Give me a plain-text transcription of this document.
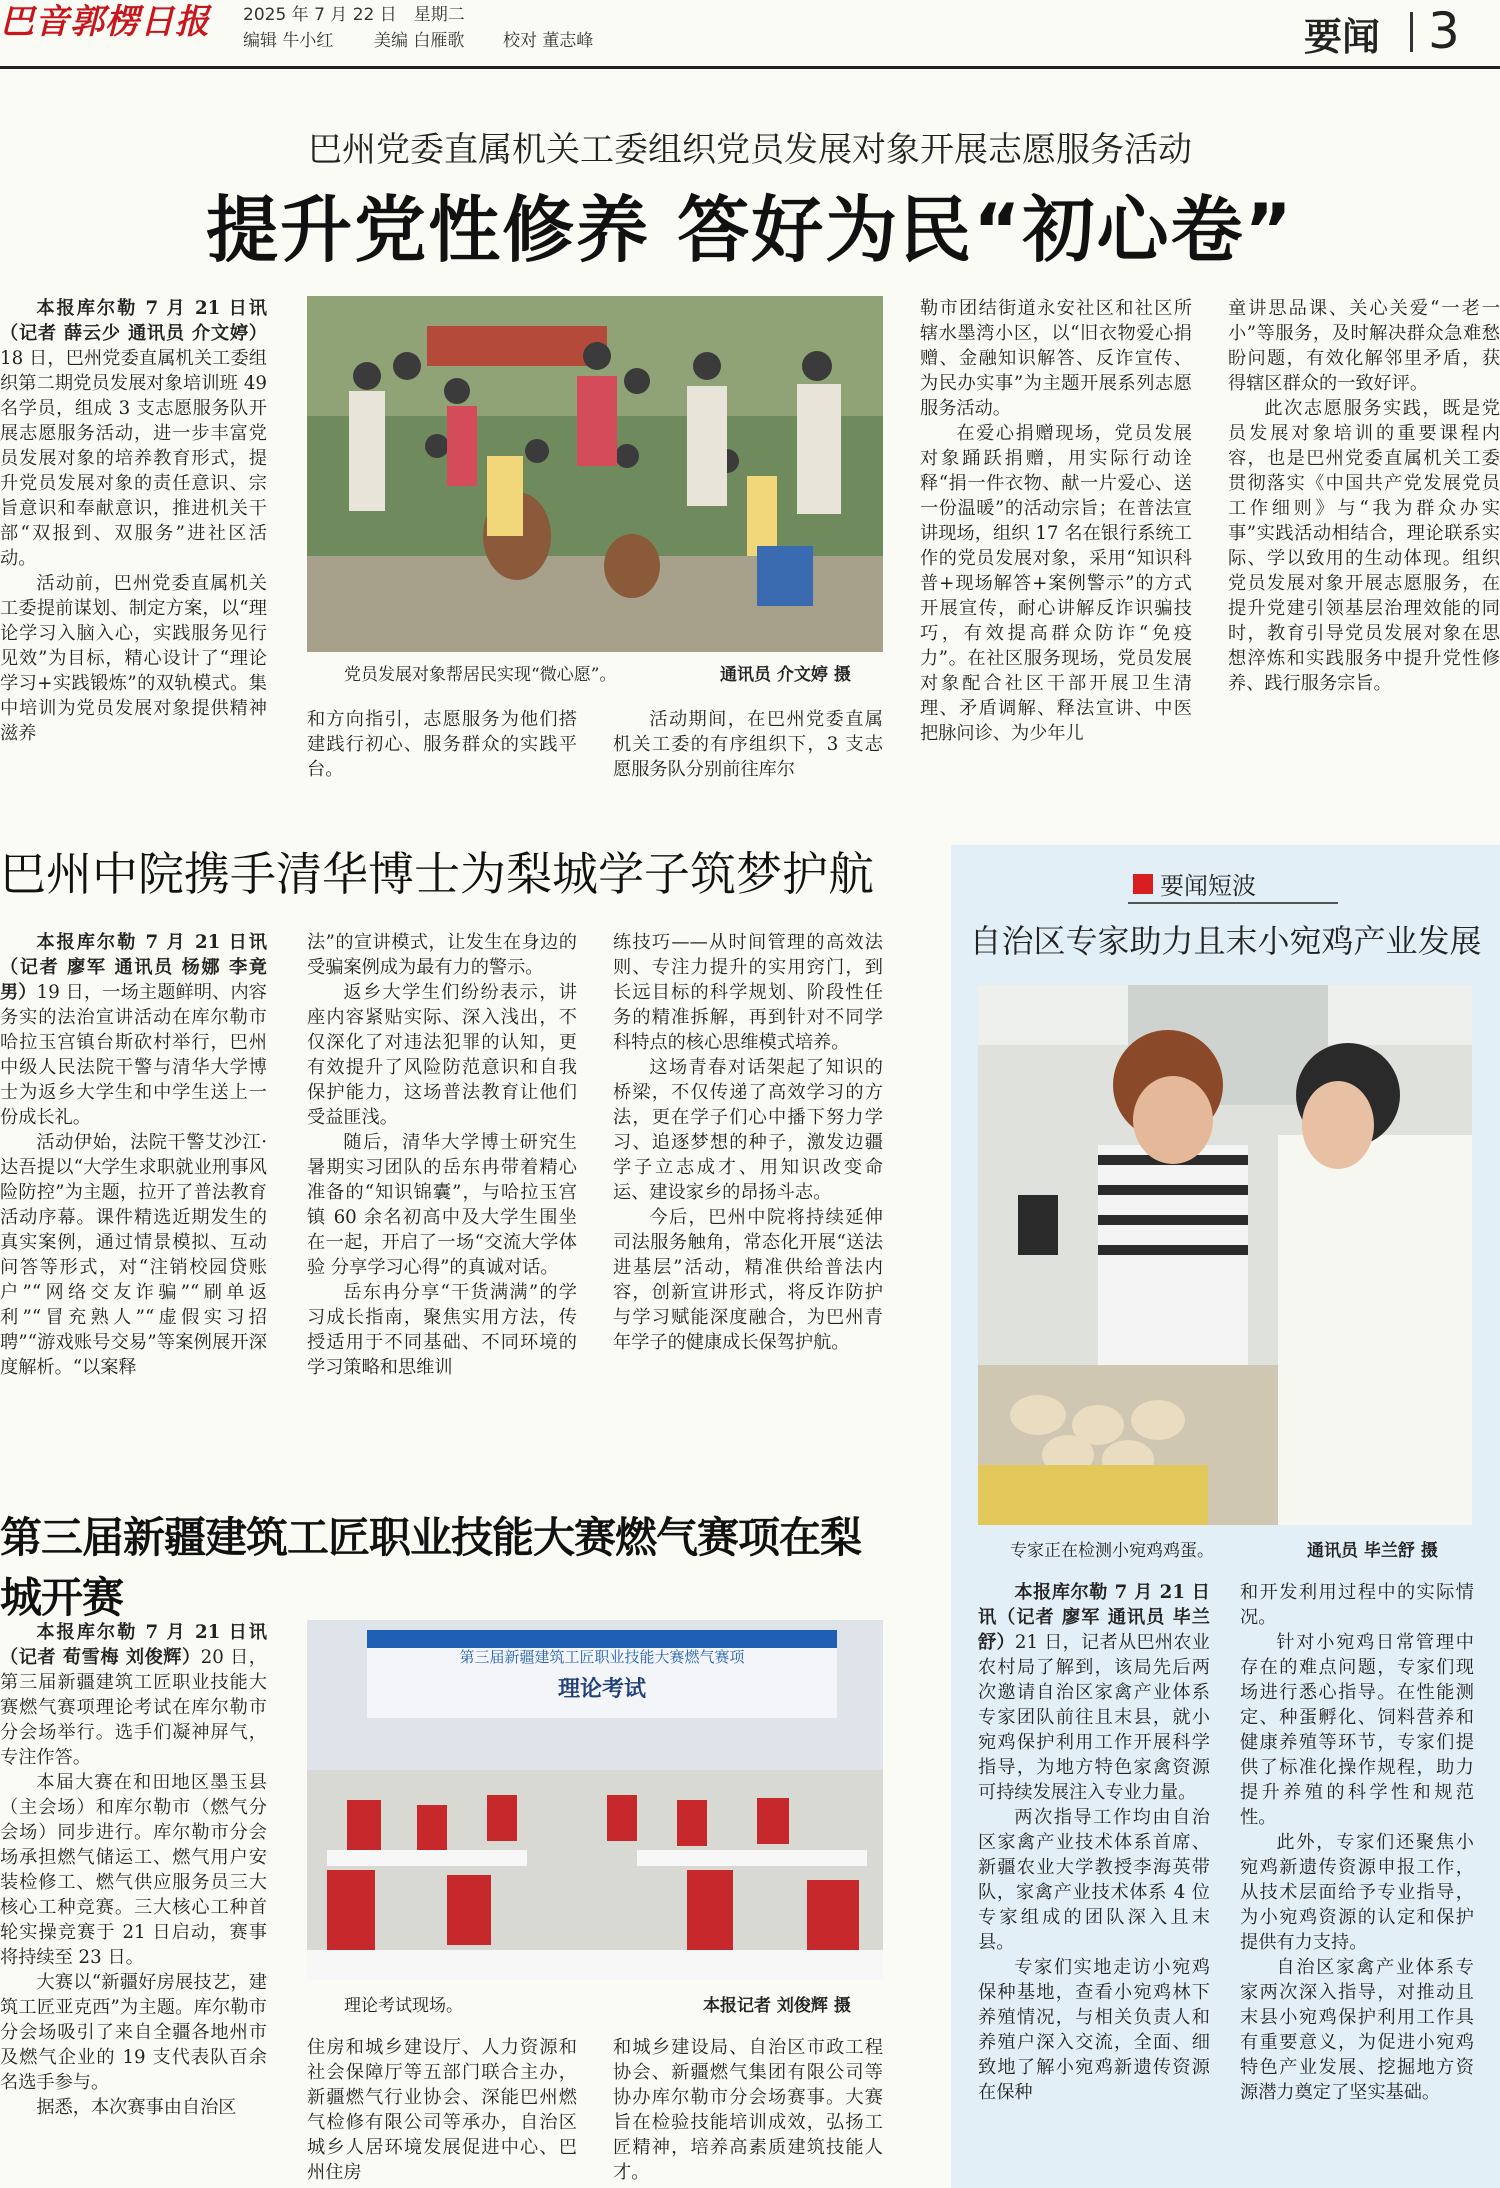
巴音郭楞日报 2025 年 7 月 22 日　星期二
编辑 牛小红 美编 白雁歌 校对 董志峰	要闻 3
巴州党委直属机关工委组织党员发展对象开展志愿服务活动
提升党性修养 答好为民“初心卷”

本报库尔勒 7 月 21 日讯（记者 薛云少 通讯员 介文婷）18 日，巴州党委直属机关工委组织第二期党员发展对象培训班 49 名学员，组成 3 支志愿服务队开展志愿服务活动，进一步丰富党员发展对象的培养教育形式，提升党员发展对象的责任意识、宗旨意识和奉献意识，推进机关干部“双报到、双服务”进社区活动。

活动前，巴州党委直属机关工委提前谋划、制定方案，以“理论学习入脑入心，实践服务见行见效”为目标，精心设计了“理论学习+实践锻炼”的双轨模式。集中培训为党员发展对象提供精神滋养

党员发展对象帮居民实现“微心愿”。	通讯员 介文婷 摄

和方向指引，志愿服务为他们搭建践行初心、服务群众的实践平台。

活动期间，在巴州党委直属机关工委的有序组织下，3 支志愿服务队分别前往库尔

勒市团结街道永安社区和社区所辖水墨湾小区，以“旧衣物爱心捐赠、金融知识解答、反诈宣传、为民办实事”为主题开展系列志愿服务活动。

在爱心捐赠现场，党员发展对象踊跃捐赠，用实际行动诠释“捐一件衣物、献一片爱心、送一份温暖”的活动宗旨；在普法宣讲现场，组织 17 名在银行系统工作的党员发展对象，采用“知识科普+现场解答+案例警示”的方式开展宣传，耐心讲解反诈识骗技巧，有效提高群众防诈“免疫力”。在社区服务现场，党员发展对象配合社区干部开展卫生清理、矛盾调解、释法宣讲、中医把脉问诊、为少年儿

童讲思品课、关心关爱“一老一小”等服务，及时解决群众急难愁盼问题，有效化解邻里矛盾，获得辖区群众的一致好评。

此次志愿服务实践，既是党员发展对象培训的重要课程内容，也是巴州党委直属机关工委贯彻落实《中国共产党发展党员工作细则》与“我为群众办实事”实践活动相结合，理论联系实际、学以致用的生动体现。组织党员发展对象开展志愿服务，在提升党建引领基层治理效能的同时，教育引导党员发展对象在思想淬炼和实践服务中提升党性修养、践行服务宗旨。

巴州中院携手清华博士为梨城学子筑梦护航

本报库尔勒 7 月 21 日讯（记者 廖军 通讯员 杨娜 李竟男）19 日，一场主题鲜明、内容务实的法治宣讲活动在库尔勒市哈拉玉宫镇台斯砍村举行，巴州中级人民法院干警与清华大学博士为返乡大学生和中学生送上一份成长礼。

活动伊始，法院干警艾沙江·达吾提以“大学生求职就业刑事风险防控”为主题，拉开了普法教育活动序幕。课件精选近期发生的真实案例，通过情景模拟、互动问答等形式，对“注销校园贷账户”“网络交友诈骗”“刷单返利”“冒充熟人”“虚假实习招聘”“游戏账号交易”等案例展开深度解析。“以案释

法”的宣讲模式，让发生在身边的受骗案例成为最有力的警示。

返乡大学生们纷纷表示，讲座内容紧贴实际、深入浅出，不仅深化了对违法犯罪的认知，更有效提升了风险防范意识和自我保护能力，这场普法教育让他们受益匪浅。

随后，清华大学博士研究生暑期实习团队的岳东冉带着精心准备的“知识锦囊”，与哈拉玉宫镇 60 余名初高中及大学生围坐在一起，开启了一场“交流大学体验 分享学习心得”的真诚对话。

岳东冉分享“干货满满”的学习成长指南，聚焦实用方法，传授适用于不同基础、不同环境的学习策略和思维训

练技巧——从时间管理的高效法则、专注力提升的实用窍门，到长远目标的科学规划、阶段性任务的精准拆解，再到针对不同学科特点的核心思维模式培养。

这场青春对话架起了知识的桥梁，不仅传递了高效学习的方法，更在学子们心中播下努力学习、追逐梦想的种子，激发边疆学子立志成才、用知识改变命运、建设家乡的昂扬斗志。

今后，巴州中院将持续延伸司法服务触角，常态化开展“送法进基层”活动，精准供给普法内容，创新宣讲形式，将反诈防护与学习赋能深度融合，为巴州青年学子的健康成长保驾护航。

第三届新疆建筑工匠职业技能大赛燃气赛项在梨城开赛

本报库尔勒 7 月 21 日讯（记者 荀雪梅 刘俊辉）20 日，第三届新疆建筑工匠职业技能大赛燃气赛项理论考试在库尔勒市分会场举行。选手们凝神屏气，专注作答。

本届大赛在和田地区墨玉县（主会场）和库尔勒市（燃气分会场）同步进行。库尔勒市分会场承担燃气储运工、燃气用户安装检修工、燃气供应服务员三大核心工种竞赛。三大核心工种首轮实操竞赛于 21 日启动，赛事将持续至 23 日。

大赛以“新疆好房展技艺，建筑工匠亚克西”为主题。库尔勒市分会场吸引了来自全疆各地州市及燃气企业的 19 支代表队百余名选手参与。

据悉，本次赛事由自治区

第三届新疆建筑工匠职业技能大赛燃气赛项
理论考试
理论考试现场。	本报记者 刘俊辉 摄

住房和城乡建设厅、人力资源和社会保障厅等五部门联合主办，新疆燃气行业协会、深能巴州燃气检修有限公司等承办，自治区城乡人居环境发展促进中心、巴州住房

和城乡建设局、自治区市政工程协会、新疆燃气集团有限公司等协办库尔勒市分会场赛事。大赛旨在检验技能培训成效，弘扬工匠精神，培养高素质建筑技能人才。

要闻短波
自治区专家助力且末小宛鸡产业发展
专家正在检测小宛鸡鸡蛋。	通讯员 毕兰舒 摄

本报库尔勒 7 月 21 日讯（记者 廖军 通讯员 毕兰舒）21 日，记者从巴州农业农村局了解到，该局先后两次邀请自治区家禽产业体系专家团队前往且末县，就小宛鸡保护利用工作开展科学指导，为地方特色家禽资源可持续发展注入专业力量。

两次指导工作均由自治区家禽产业技术体系首席、新疆农业大学教授李海英带队，家禽产业技术体系 4 位专家组成的团队深入且末县。

专家们实地走访小宛鸡保种基地，查看小宛鸡林下养殖情况，与相关负责人和养殖户深入交流，全面、细致地了解小宛鸡新遗传资源在保种

和开发利用过程中的实际情况。

针对小宛鸡日常管理中存在的难点问题，专家们现场进行悉心指导。在性能测定、种蛋孵化、饲料营养和健康养殖等环节，专家们提供了标准化操作规程，助力提升养殖的科学性和规范性。

此外，专家们还聚焦小宛鸡新遗传资源申报工作，从技术层面给予专业指导，为小宛鸡资源的认定和保护提供有力支持。

自治区家禽产业体系专家两次深入指导，对推动且末县小宛鸡保护利用工作具有重要意义，为促进小宛鸡特色产业发展、挖掘地方资源潜力奠定了坚实基础。
